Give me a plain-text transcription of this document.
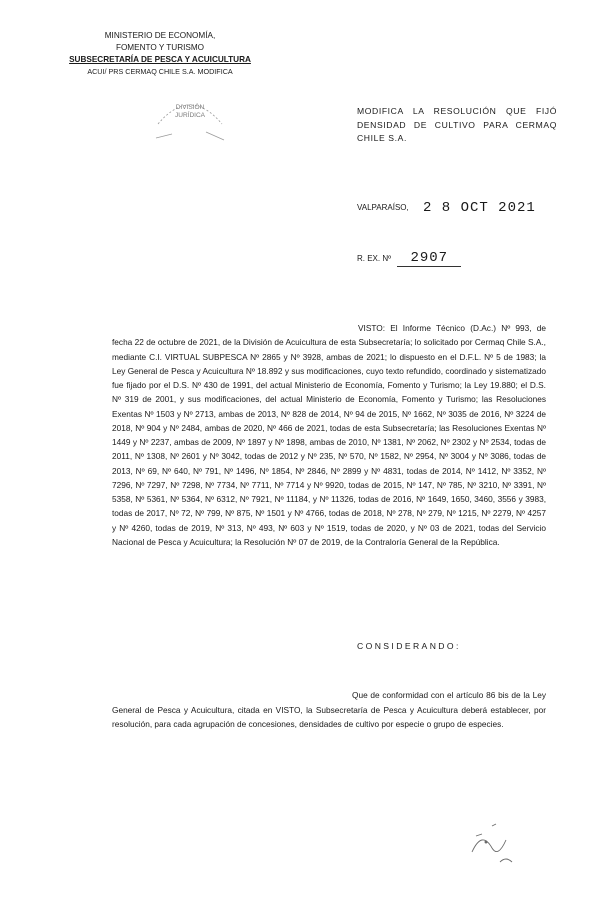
MINISTERIO DE ECONOMÍA,
FOMENTO Y TURISMO
SUBSECRETARÍA DE PESCA Y ACUICULTURA
ACUI/ PRS CERMAQ CHILE S.A. MODIFICA
DIVISIÓN
JURÍDICA	MODIFICA LA RESOLUCIÓN QUE FIJÓ DENSIDAD DE CULTIVO PARA CERMAQ CHILE S.A.
VALPARAÍSO, 2 8 OCT 2021
R. EX. Nº 2907
VISTO: El Informe Técnico (D.Ac.) Nº 993, de fecha 22 de octubre de 2021, de la División de Acuicultura de esta Subsecretaría; lo solicitado por Cermaq Chile S.A., mediante C.I. VIRTUAL SUBPESCA Nº 2865 y Nº 3928, ambas de 2021; lo dispuesto en el D.F.L. Nº 5 de 1983; la Ley General de Pesca y Acuicultura Nº 18.892 y sus modificaciones, cuyo texto refundido, coordinado y sistematizado fue fijado por el D.S. Nº 430 de 1991, del actual Ministerio de Economía, Fomento y Turismo; la Ley 19.880; el D.S. Nº 319 de 2001, y sus modificaciones, del actual Ministerio de Economía, Fomento y Turismo; las Resoluciones Exentas Nº 1503 y Nº 2713, ambas de 2013, Nº 828 de 2014, Nº 94 de 2015, Nº 1662, Nº 3035 de 2016, Nº 3224 de 2018, Nº 904 y Nº 2484, ambas de 2020, Nº 466 de 2021, todas de esta Subsecretaría; las Resoluciones Exentas Nº 1449 y Nº 2237, ambas de 2009, Nº 1897 y Nº 1898, ambas de 2010, Nº 1381, Nº 2062, Nº 2302 y Nº 2534, todas de 2011, Nº 1308, Nº 2601 y Nº 3042, todas de 2012 y Nº 235, Nº 570, Nº 1582, Nº 2954, Nº 3004 y Nº 3086, todas de 2013, Nº 69, Nº 640, Nº 791, Nº 1496, Nº 1854, Nº 2846, Nº 2899 y Nº 4831, todas de 2014, Nº 1412, Nº 3352, Nº 7296, Nº 7297, Nº 7298, Nº 7734, Nº 7711, Nº 7714 y Nº 9920, todas de 2015, Nº 147, Nº 785, Nº 3210, Nº 3391, Nº 5358, Nº 5361, Nº 5364, Nº 6312, Nº 7921, Nº 11184, y Nº 11326, todas de 2016, Nº 1649, 1650, 3460, 3556 y 3983, todas de 2017, Nº 72, Nº 799, Nº 875, Nº 1501 y Nº 4766, todas de 2018, Nº 278, Nº 279, Nº 1215, Nº 2279, Nº 4257 y Nº 4260, todas de 2019, Nº 313, Nº 493, Nº 603 y Nº 1519, todas de 2020, y Nº 03 de 2021, todas del Servicio Nacional de Pesca y Acuicultura; la Resolución Nº 07 de 2019, de la Contraloría General de la República.
CONSIDERANDO:
Que de conformidad con el artículo 86 bis de la Ley General de Pesca y Acuicultura, citada en VISTO, la Subsecretaría de Pesca y Acuicultura deberá establecer, por resolución, para cada agrupación de concesiones, densidades de cultivo por especie o grupo de especies.
